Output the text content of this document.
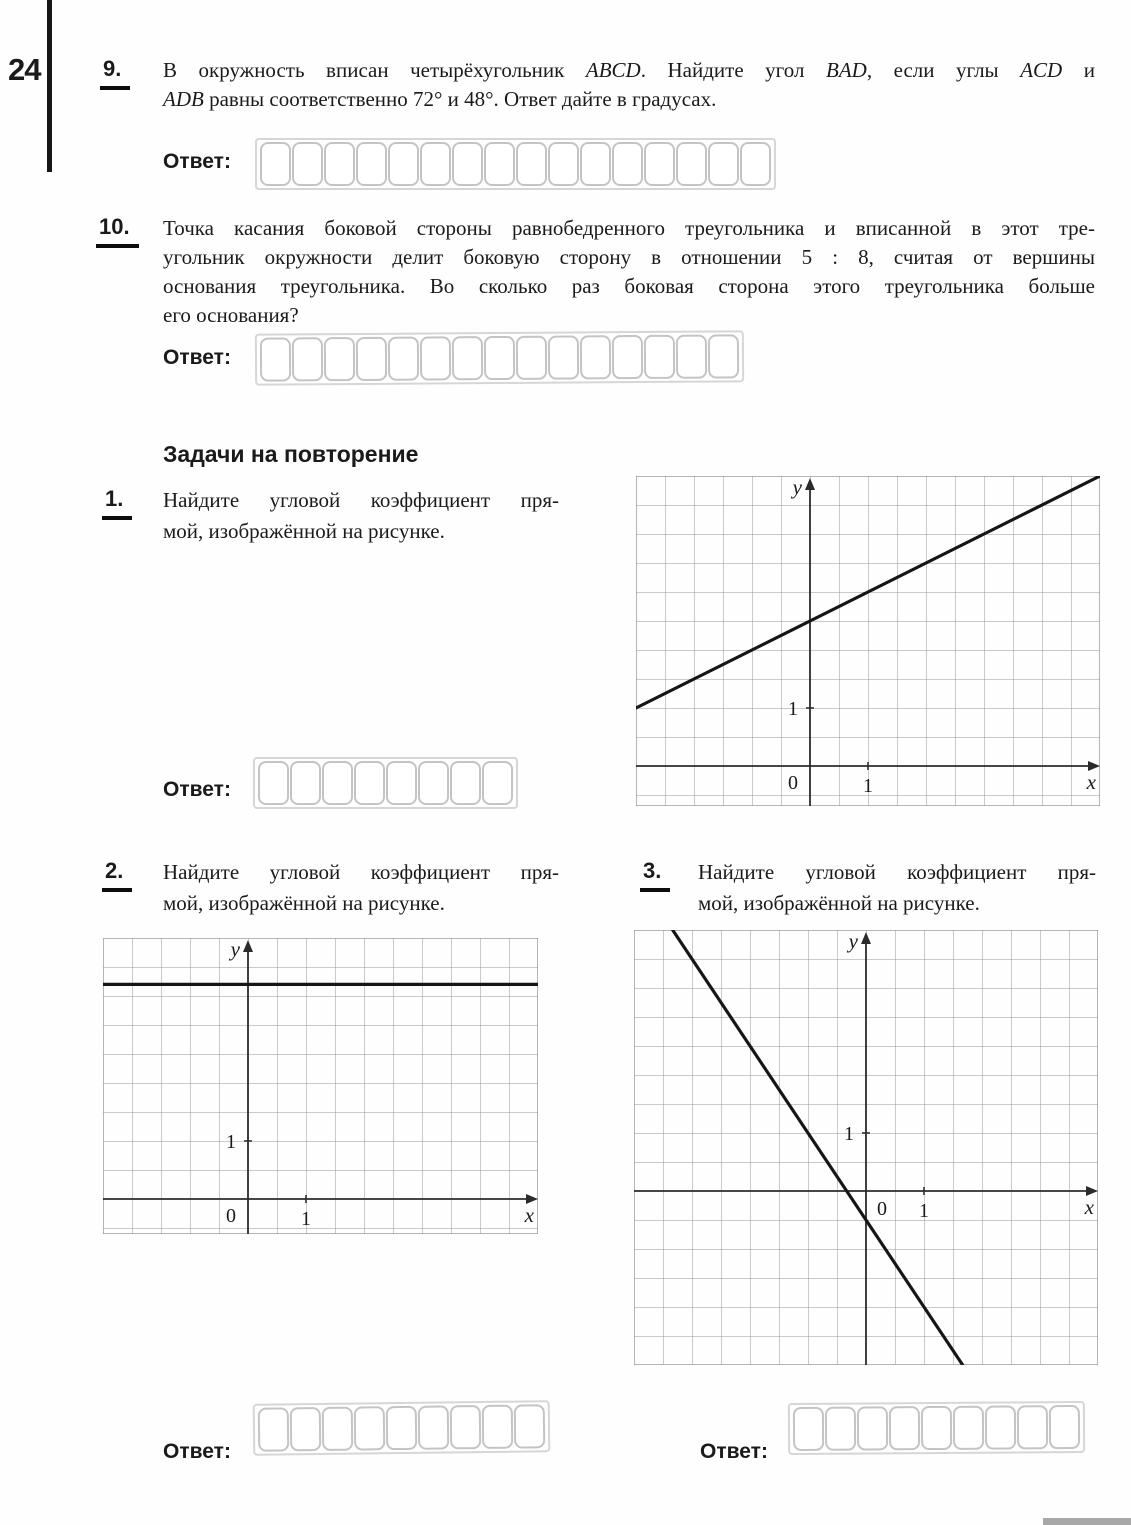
24	9.	В окружность вписан четырёхугольник ABCD. Найдите угол BAD, если углы ACD и
ADB равны соответственно 72° и 48°. Ответ дайте в градусах.
Ответ:
10.	Точка касания боковой стороны равнобедренного треугольника и вписанной в этот тре-
угольник окружности делит боковую сторону в отношении 5 : 8, считая от вершины
основания треугольника. Во сколько раз боковая сторона этого треугольника больше
его основания?
Ответ:
Задачи на повторение
1.	Найдите угловой коэффициент пря-
мой, изображённой на рисунке.
0	1
1
x
y
Ответ:
2.	Найдите угловой коэффициент пря-
мой, изображённой на рисунке.
3.	Найдите угловой коэффициент пря-
мой, изображённой на рисунке.
0	1
1
x
y
0 1
1
x
y
Ответ:	Ответ:
